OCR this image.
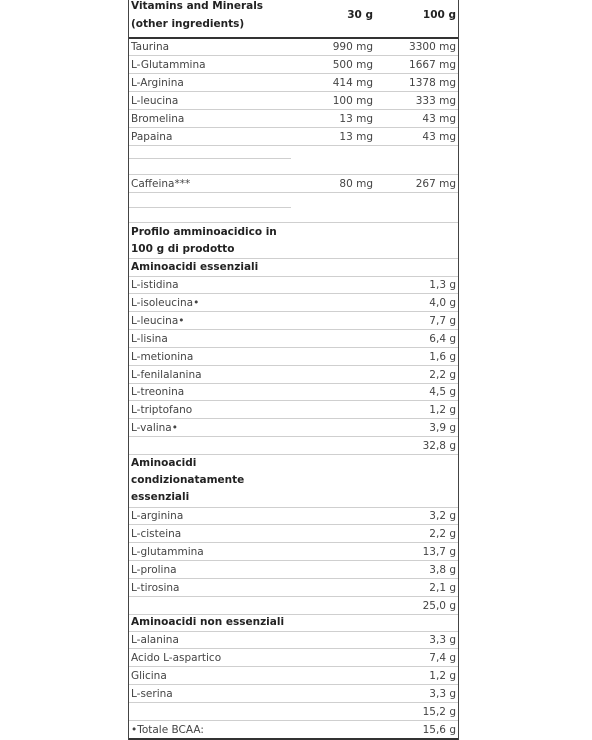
Vitamins and Minerals
(other ingredients)
30 g	100 g
Taurina	990 mg	3300 mg
L-Glutammina	500 mg	1667 mg
L-Arginina	414 mg	1378 mg
L-leucina	100 mg	333 mg
Bromelina	13 mg	43 mg
Papaina	13 mg	43 mg
Caffeina***	80 mg	267 mg
Profilo amminoacidico in
100 g di prodotto
Aminoacidi essenziali
L-istidina	1,3 g
L-isoleucina•	4,0 g
L-leucina•	7,7 g
L-lisina	6,4 g
L-metionina	1,6 g
L-fenilalanina	2,2 g
L-treonina	4,5 g
L-triptofano	1,2 g
L-valina•	3,9 g
32,8 g
Aminoacidi
condizionatamente
essenziali
L-arginina	3,2 g
L-cisteina	2,2 g
L-glutammina	13,7 g
L-prolina	3,8 g
L-tirosina	2,1 g
25,0 g
Aminoacidi non essenziali
L-alanina	3,3 g
Acido L-aspartico	7,4 g
Glicina	1,2 g
L-serina	3,3 g
15,2 g
•Totale BCAA:	15,6 g
